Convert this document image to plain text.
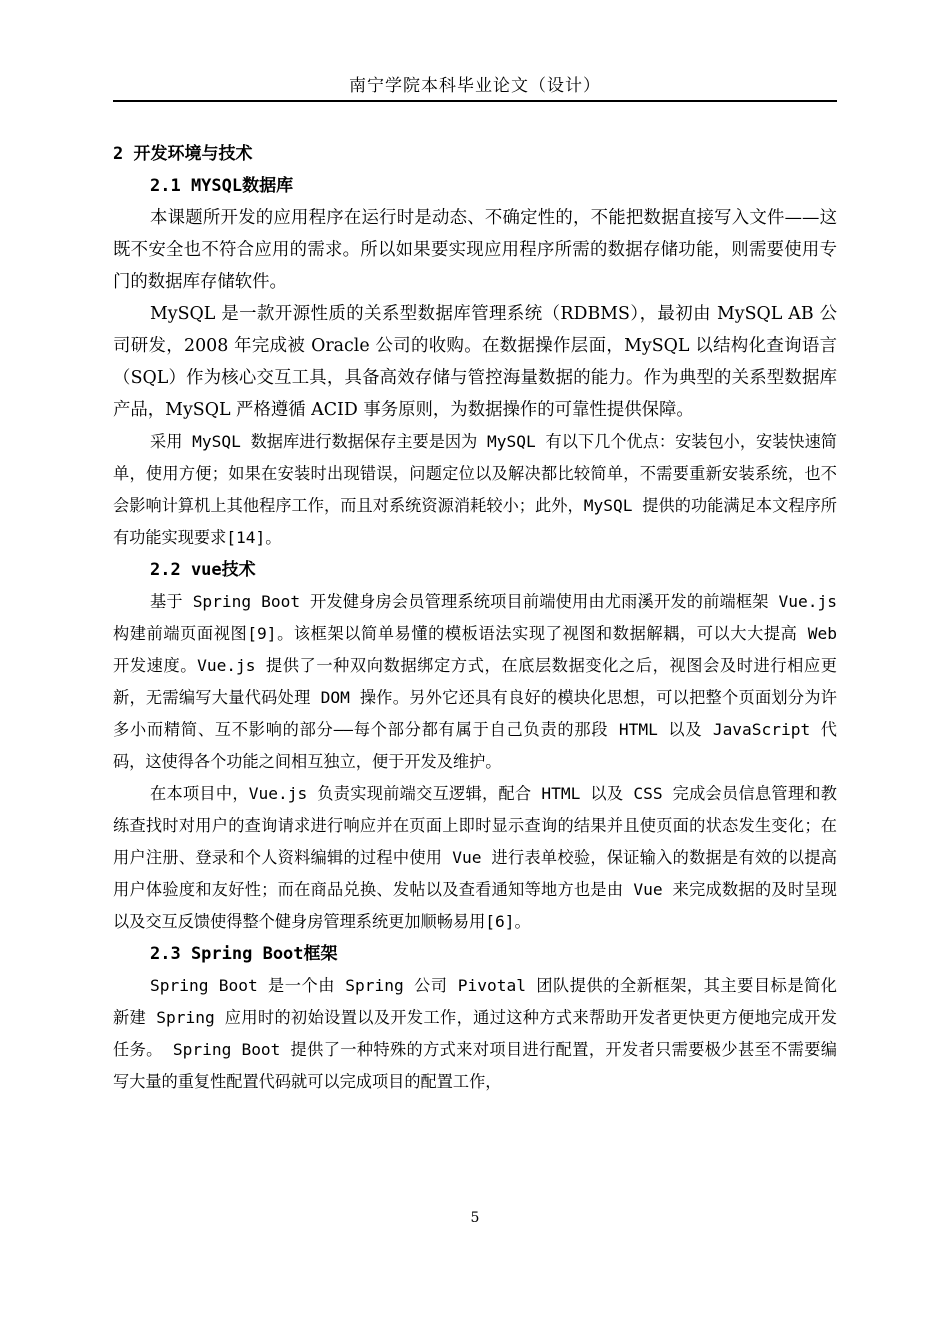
南宁学院本科毕业论文（设计）
2 开发环境与技术
2.1 MYSQL数据库

本课题所开发的应用程序在运行时是动态、不确定性的，不能把数据直接写入文件——这既不安全也不符合应用的需求。所以如果要实现应用程序所需的数据存储功能，则需要使用专门的数据库存储软件。

MySQL 是一款开源性质的关系型数据库管理系统（RDBMS），最初由 MySQL AB 公司研发，2008 年完成被 Oracle 公司的收购。在数据操作层面，MySQL 以结构化查询语言（SQL）作为核心交互工具，具备高效存储与管控海量数据的能力。作为典型的关系型数据库产品，MySQL 严格遵循 ACID 事务原则，为数据操作的可靠性提供保障。

采用 MySQL 数据库进行数据保存主要是因为 MySQL 有以下几个优点：安装包小，安装快速简单，使用方便；如果在安装时出现错误，问题定位以及解决都比较简单，不需要重新安装系统，也不会影响计算机上其他程序工作，而且对系统资源消耗较小；此外，MySQL 提供的功能满足本文程序所有功能实现要求[14]。

2.2 vue技术

基于 Spring Boot 开发健身房会员管理系统项目前端使用由尤雨溪开发的前端框架 Vue.js 构建前端页面视图[9]。该框架以简单易懂的模板语法实现了视图和数据解耦，可以大大提高 Web 开发速度。Vue.js 提供了一种双向数据绑定方式，在底层数据变化之后，视图会及时进行相应更新，无需编写大量代码处理 DOM 操作。另外它还具有良好的模块化思想，可以把整个页面划分为许多小而精简、互不影响的部分——每个部分都有属于自己负责的那段 HTML 以及 JavaScript 代码，这使得各个功能之间相互独立，便于开发及维护。

在本项目中，Vue.js 负责实现前端交互逻辑，配合 HTML 以及 CSS 完成会员信息管理和教练查找时对用户的查询请求进行响应并在页面上即时显示查询的结果并且使页面的状态发生变化；在用户注册、登录和个人资料编辑的过程中使用 Vue 进行表单校验，保证输入的数据是有效的以提高用户体验度和友好性；而在商品兑换、发帖以及查看通知等地方也是由 Vue 来完成数据的及时呈现以及交互反馈使得整个健身房管理系统更加顺畅易用[6]。

2.3 Spring Boot框架

Spring Boot 是一个由 Spring 公司 Pivotal 团队提供的全新框架，其主要目标是简化新建 Spring 应用时的初始设置以及开发工作，通过这种方式来帮助开发者更快更方便地完成开发任务。 Spring Boot 提供了一种特殊的方式来对项目进行配置，开发者只需要极少甚至不需要编写大量的重复性配置代码就可以完成项目的配置工作，

5
